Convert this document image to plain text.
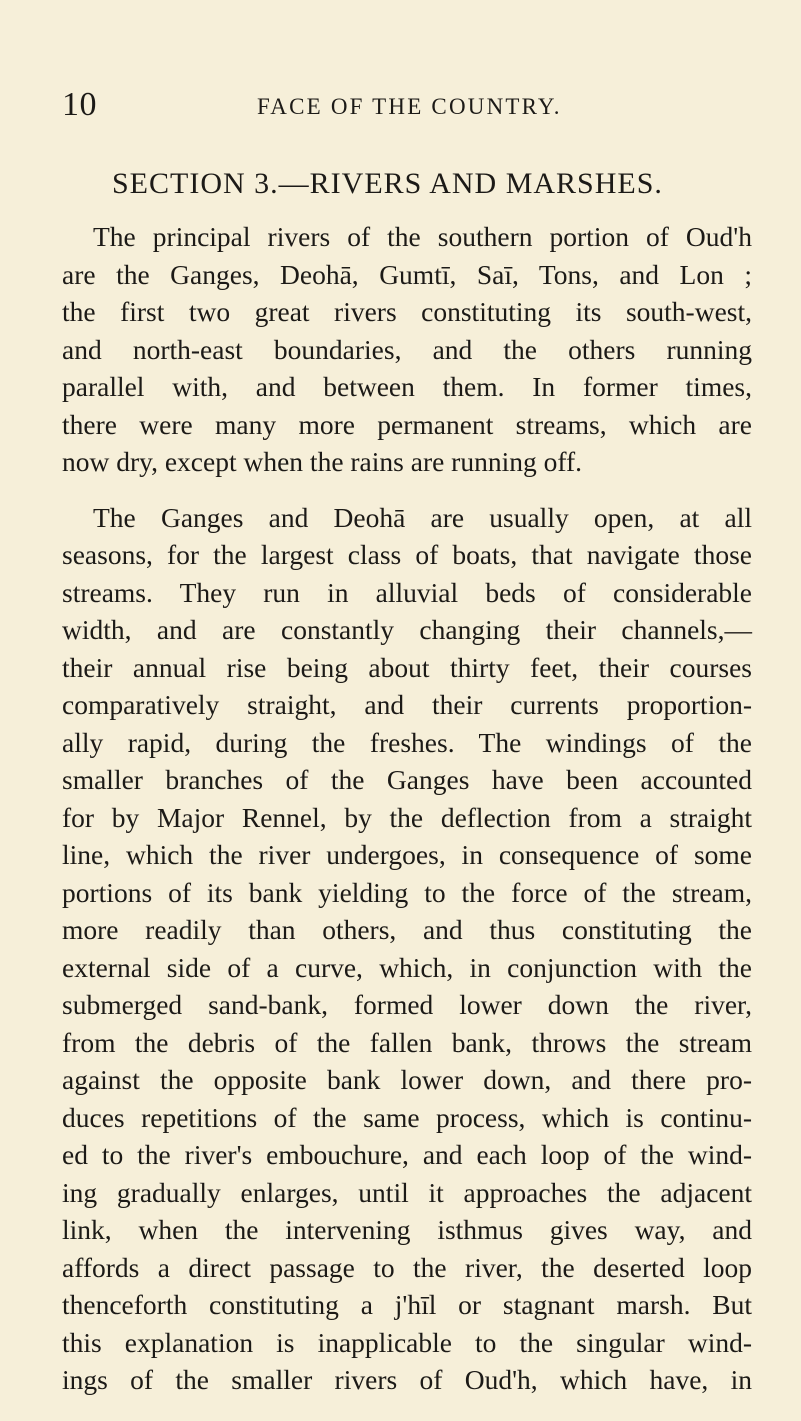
10	FACE OF THE COUNTRY.
SECTION 3.—RIVERS AND MARSHES.

The principal rivers of the southern portion of Oud'h
are the Ganges, Deohā, Gumtī, Saī, Tons, and Lon ;
the first two great rivers constituting its south-west,
and north-east boundaries, and the others running
parallel with, and between them. In former times,
there were many more permanent streams, which are
now dry, except when the rains are running off.

The Ganges and Deohā are usually open, at all
seasons, for the largest class of boats, that navigate those
streams. They run in alluvial beds of considerable
width, and are constantly changing their channels,—
their annual rise being about thirty feet, their courses
comparatively straight, and their currents proportion-
ally rapid, during the freshes. The windings of the
smaller branches of the Ganges have been accounted
for by Major Rennel, by the deflection from a straight
line, which the river undergoes, in consequence of some
portions of its bank yielding to the force of the stream,
more readily than others, and thus constituting the
external side of a curve, which, in conjunction with the
submerged sand-bank, formed lower down the river,
from the debris of the fallen bank, throws the stream
against the opposite bank lower down, and there pro-
duces repetitions of the same process, which is continu-
ed to the river's embouchure, and each loop of the wind-
ing gradually enlarges, until it approaches the adjacent
link, when the intervening isthmus gives way, and
affords a direct passage to the river, the deserted loop
thenceforth constituting a j'hīl or stagnant marsh. But
this explanation is inapplicable to the singular wind-
ings of the smaller rivers of Oud'h, which have, in
